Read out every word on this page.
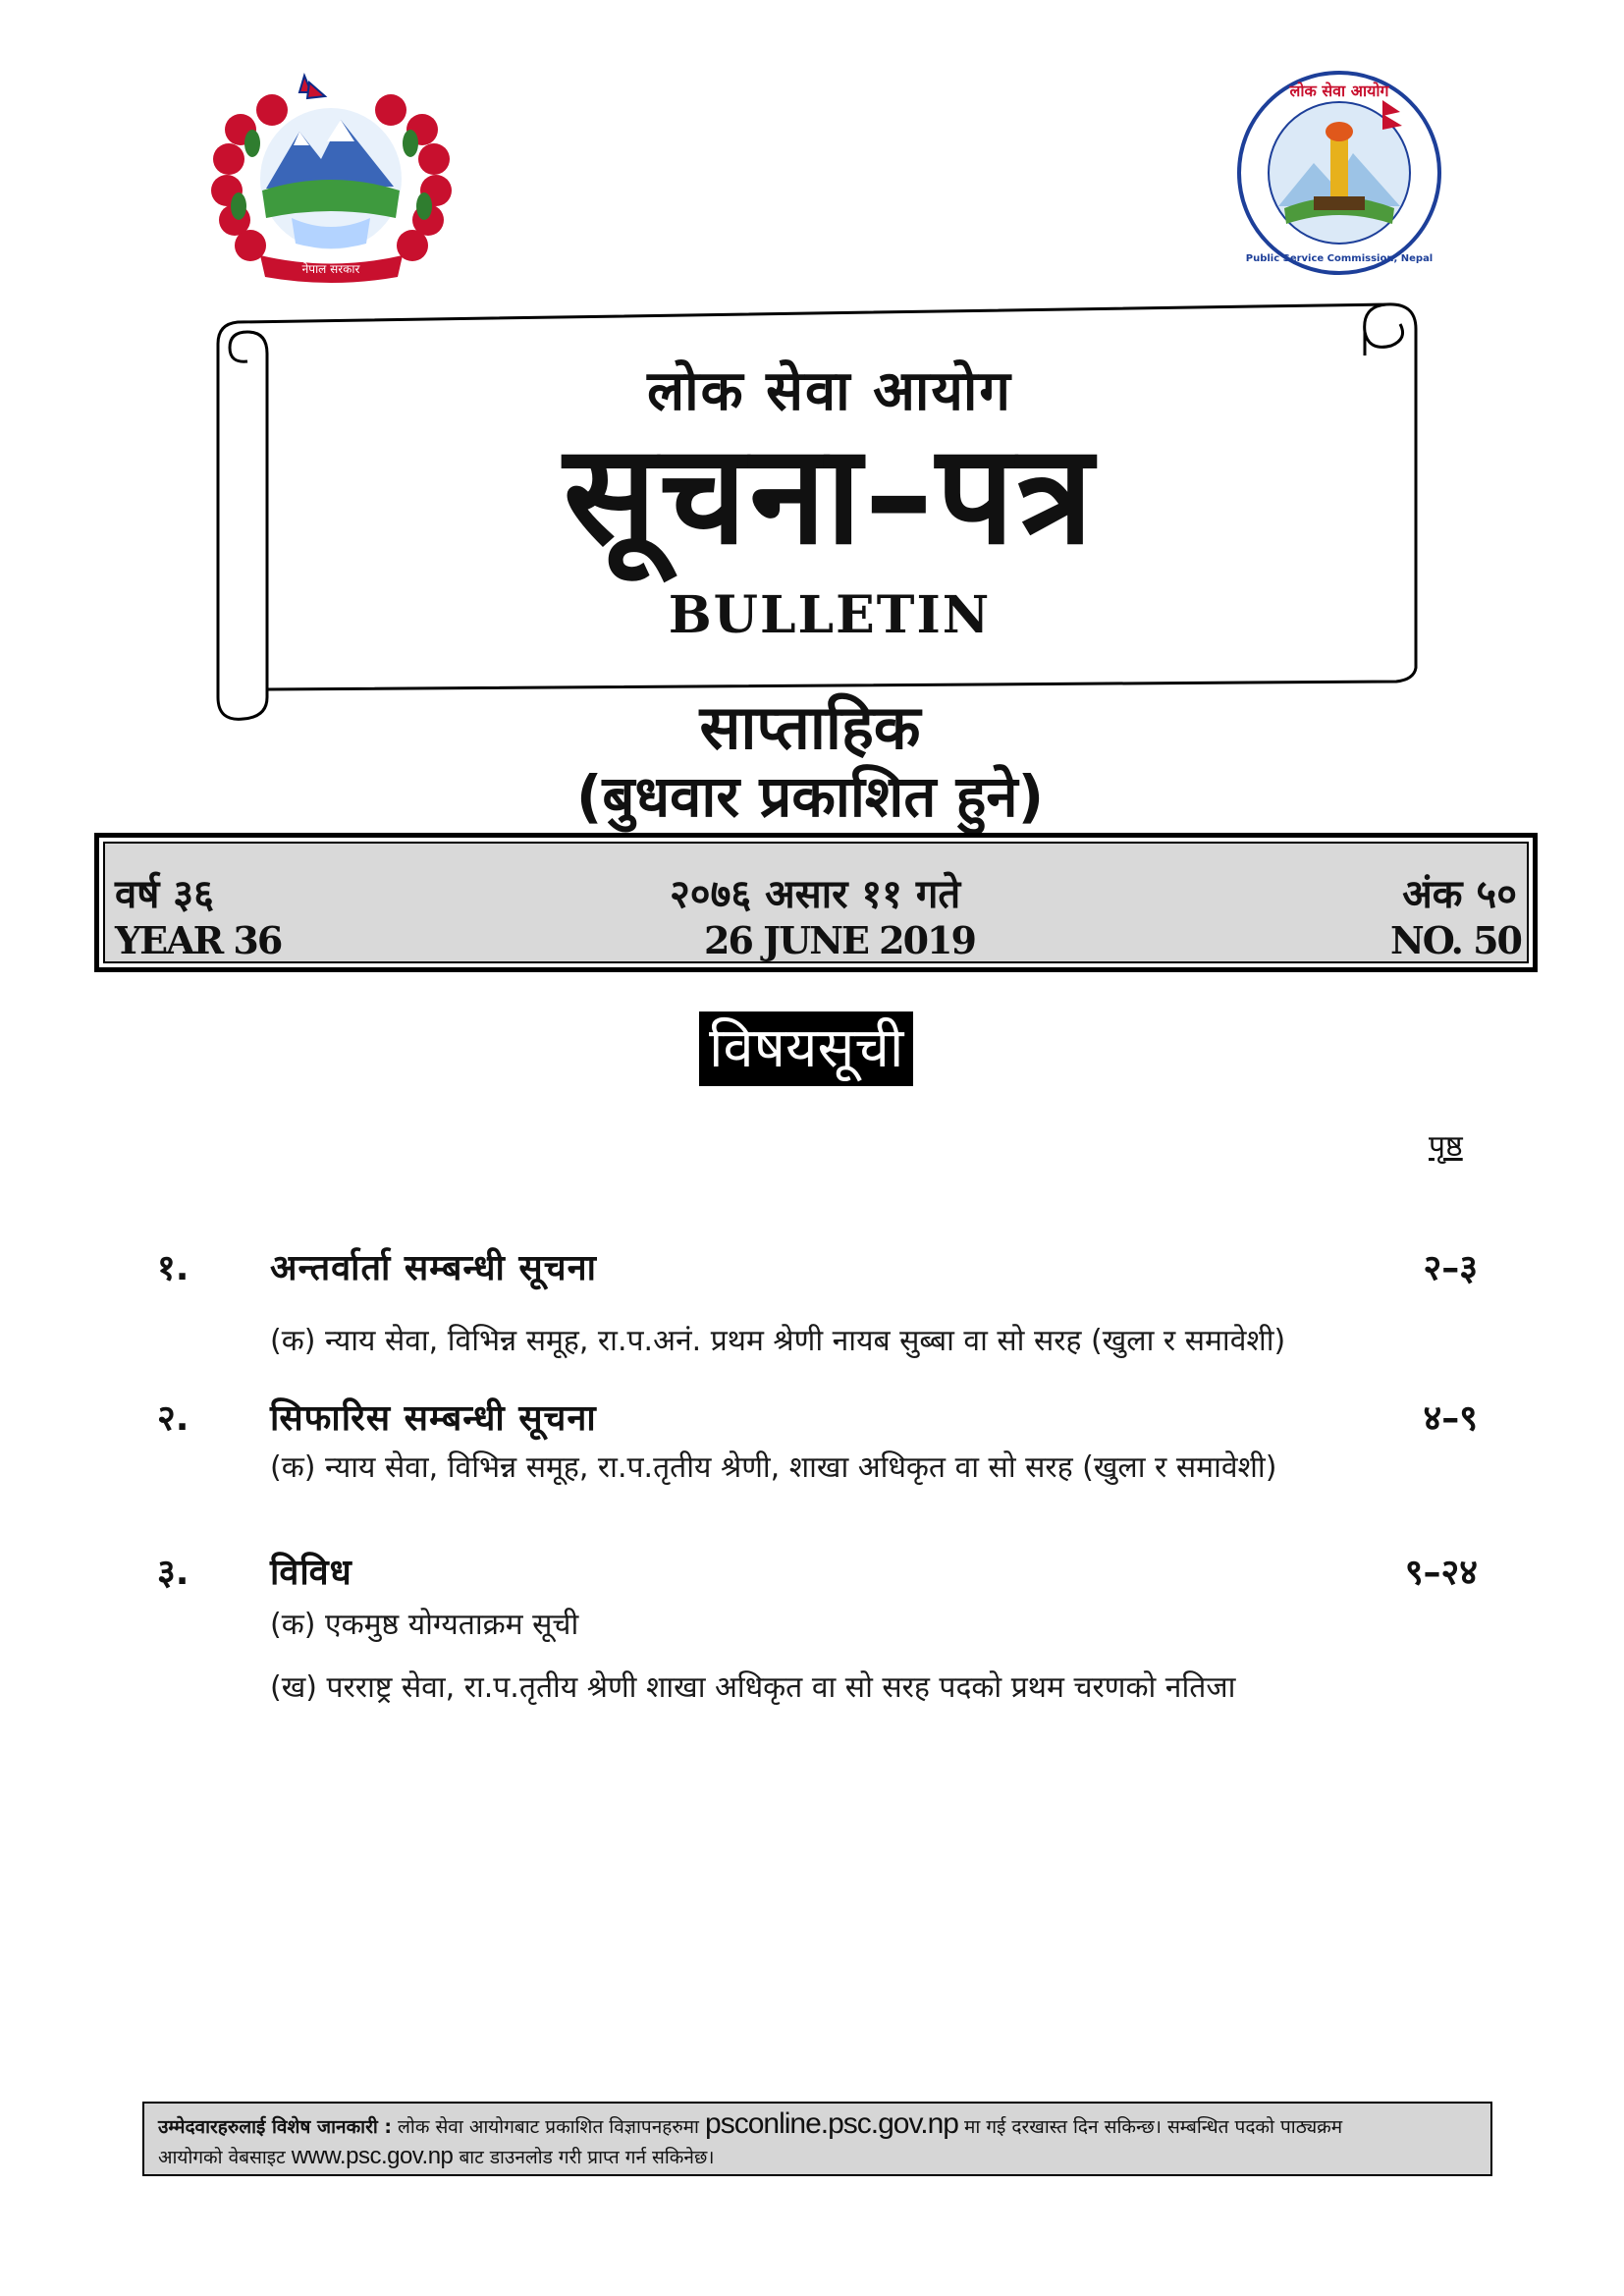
नेपाल सरकार
लोक सेवा आयोग
Public Service Commission, Nepal
लोक सेवा आयोग
सूचना–पत्र
BULLETIN
साप्ताहिक
(बुधवार प्रकाशित हुने)
वर्ष ३६	२०७६ असार ११ गते	अंक ५०
YEAR 36	26 JUNE 2019	NO. 50
विषयसूची
पृष्ठ
१. अन्तर्वार्ता सम्बन्धी सूचना	२–३
(क) न्याय सेवा, विभिन्न समूह, रा.प.अनं. प्रथम श्रेणी नायब सुब्बा वा सो सरह (खुला र समावेशी)
२. सिफारिस सम्बन्धी सूचना	४–९
(क) न्याय सेवा, विभिन्न समूह, रा.प.तृतीय श्रेणी, शाखा अधिकृत वा सो सरह (खुला र समावेशी)
३. विविध	९–२४
(क) एकमुष्ठ योग्यताक्रम सूची
(ख) परराष्ट्र सेवा, रा.प.तृतीय श्रेणी शाखा अधिकृत वा सो सरह पदको प्रथम चरणको नतिजा
उम्मेदवारहरुलाई विशेष जानकारी : लोक सेवा आयोगबाट प्रकाशित विज्ञापनहरुमा psconline.psc.gov.np मा गई दरखास्त दिन सकिन्छ। सम्बन्धित पदको पाठ्यक्रम
आयोगको वेबसाइट www.psc.gov.np बाट डाउनलोड गरी प्राप्त गर्न सकिनेछ।
